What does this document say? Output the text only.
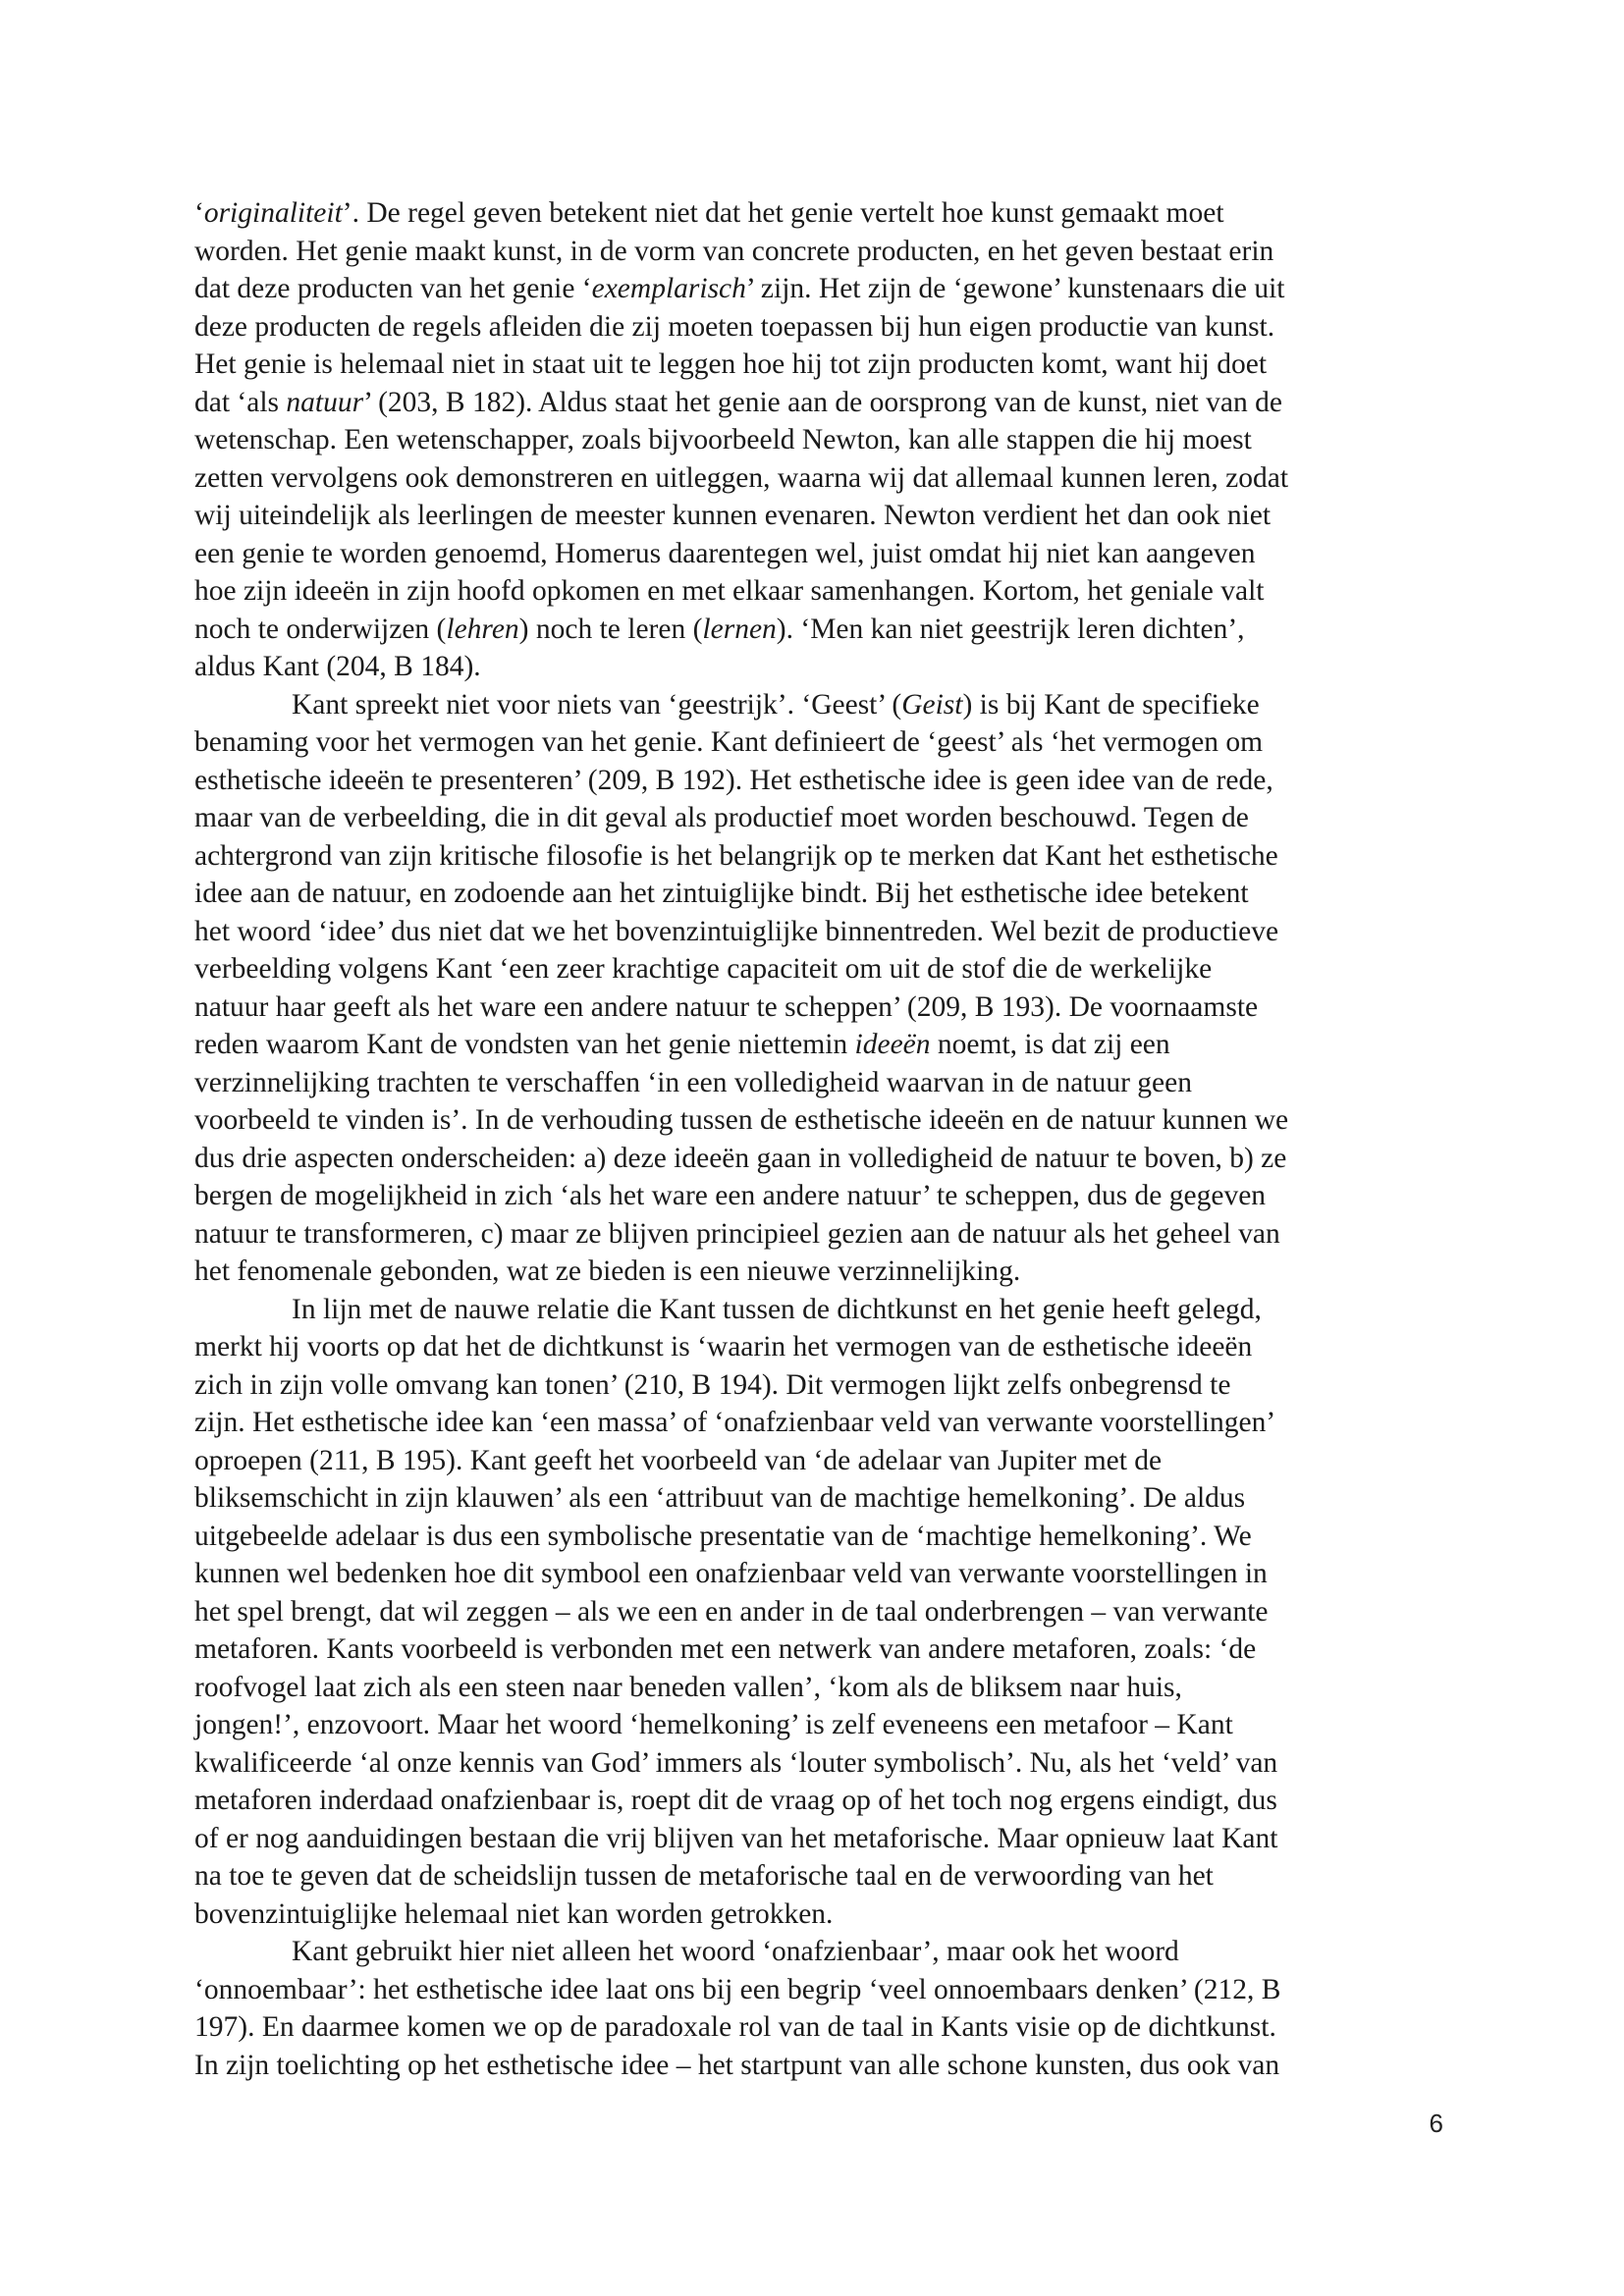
‘originaliteit’. De regel geven betekent niet dat het genie vertelt hoe kunst gemaakt moet
worden. Het genie maakt kunst, in de vorm van concrete producten, en het geven bestaat erin
dat deze producten van het genie ‘exemplarisch’ zijn. Het zijn de ‘gewone’ kunstenaars die uit
deze producten de regels afleiden die zij moeten toepassen bij hun eigen productie van kunst.
Het genie is helemaal niet in staat uit te leggen hoe hij tot zijn producten komt, want hij doet
dat ‘als natuur’ (203, B 182). Aldus staat het genie aan de oorsprong van de kunst, niet van de
wetenschap. Een wetenschapper, zoals bijvoorbeeld Newton, kan alle stappen die hij moest
zetten vervolgens ook demonstreren en uitleggen, waarna wij dat allemaal kunnen leren, zodat
wij uiteindelijk als leerlingen de meester kunnen evenaren. Newton verdient het dan ook niet
een genie te worden genoemd, Homerus daarentegen wel, juist omdat hij niet kan aangeven
hoe zijn ideeën in zijn hoofd opkomen en met elkaar samenhangen. Kortom, het geniale valt
noch te onderwijzen (lehren) noch te leren (lernen). ‘Men kan niet geestrijk leren dichten’,
aldus Kant (204, B 184).
Kant spreekt niet voor niets van ‘geestrijk’. ‘Geest’ (Geist) is bij Kant de specifieke
benaming voor het vermogen van het genie. Kant definieert de ‘geest’ als ‘het vermogen om
esthetische ideeën te presenteren’ (209, B 192). Het esthetische idee is geen idee van de rede,
maar van de verbeelding, die in dit geval als productief moet worden beschouwd. Tegen de
achtergrond van zijn kritische filosofie is het belangrijk op te merken dat Kant het esthetische
idee aan de natuur, en zodoende aan het zintuiglijke bindt. Bij het esthetische idee betekent
het woord ‘idee’ dus niet dat we het bovenzintuiglijke binnentreden. Wel bezit de productieve
verbeelding volgens Kant ‘een zeer krachtige capaciteit om uit de stof die de werkelijke
natuur haar geeft als het ware een andere natuur te scheppen’ (209, B 193). De voornaamste
reden waarom Kant de vondsten van het genie niettemin ideeën noemt, is dat zij een
verzinnelijking trachten te verschaffen ‘in een volledigheid waarvan in de natuur geen
voorbeeld te vinden is’. In de verhouding tussen de esthetische ideeën en de natuur kunnen we
dus drie aspecten onderscheiden: a) deze ideeën gaan in volledigheid de natuur te boven, b) ze
bergen de mogelijkheid in zich ‘als het ware een andere natuur’ te scheppen, dus de gegeven
natuur te transformeren, c) maar ze blijven principieel gezien aan de natuur als het geheel van
het fenomenale gebonden, wat ze bieden is een nieuwe verzinnelijking.
In lijn met de nauwe relatie die Kant tussen de dichtkunst en het genie heeft gelegd,
merkt hij voorts op dat het de dichtkunst is ‘waarin het vermogen van de esthetische ideeën
zich in zijn volle omvang kan tonen’ (210, B 194). Dit vermogen lijkt zelfs onbegrensd te
zijn. Het esthetische idee kan ‘een massa’ of ‘onafzienbaar veld van verwante voorstellingen’
oproepen (211, B 195). Kant geeft het voorbeeld van ‘de adelaar van Jupiter met de
bliksemschicht in zijn klauwen’ als een ‘attribuut van de machtige hemelkoning’. De aldus
uitgebeelde adelaar is dus een symbolische presentatie van de ‘machtige hemelkoning’. We
kunnen wel bedenken hoe dit symbool een onafzienbaar veld van verwante voorstellingen in
het spel brengt, dat wil zeggen – als we een en ander in de taal onderbrengen – van verwante
metaforen. Kants voorbeeld is verbonden met een netwerk van andere metaforen, zoals: ‘de
roofvogel laat zich als een steen naar beneden vallen’, ‘kom als de bliksem naar huis,
jongen!’, enzovoort. Maar het woord ‘hemelkoning’ is zelf eveneens een metafoor – Kant
kwalificeerde ‘al onze kennis van God’ immers als ‘louter symbolisch’. Nu, als het ‘veld’ van
metaforen inderdaad onafzienbaar is, roept dit de vraag op of het toch nog ergens eindigt, dus
of er nog aanduidingen bestaan die vrij blijven van het metaforische. Maar opnieuw laat Kant
na toe te geven dat de scheidslijn tussen de metaforische taal en de verwoording van het
bovenzintuiglijke helemaal niet kan worden getrokken.
Kant gebruikt hier niet alleen het woord ‘onafzienbaar’, maar ook het woord
‘onnoembaar’: het esthetische idee laat ons bij een begrip ‘veel onnoembaars denken’ (212, B
197). En daarmee komen we op de paradoxale rol van de taal in Kants visie op de dichtkunst.
In zijn toelichting op het esthetische idee – het startpunt van alle schone kunsten, dus ook van
6
